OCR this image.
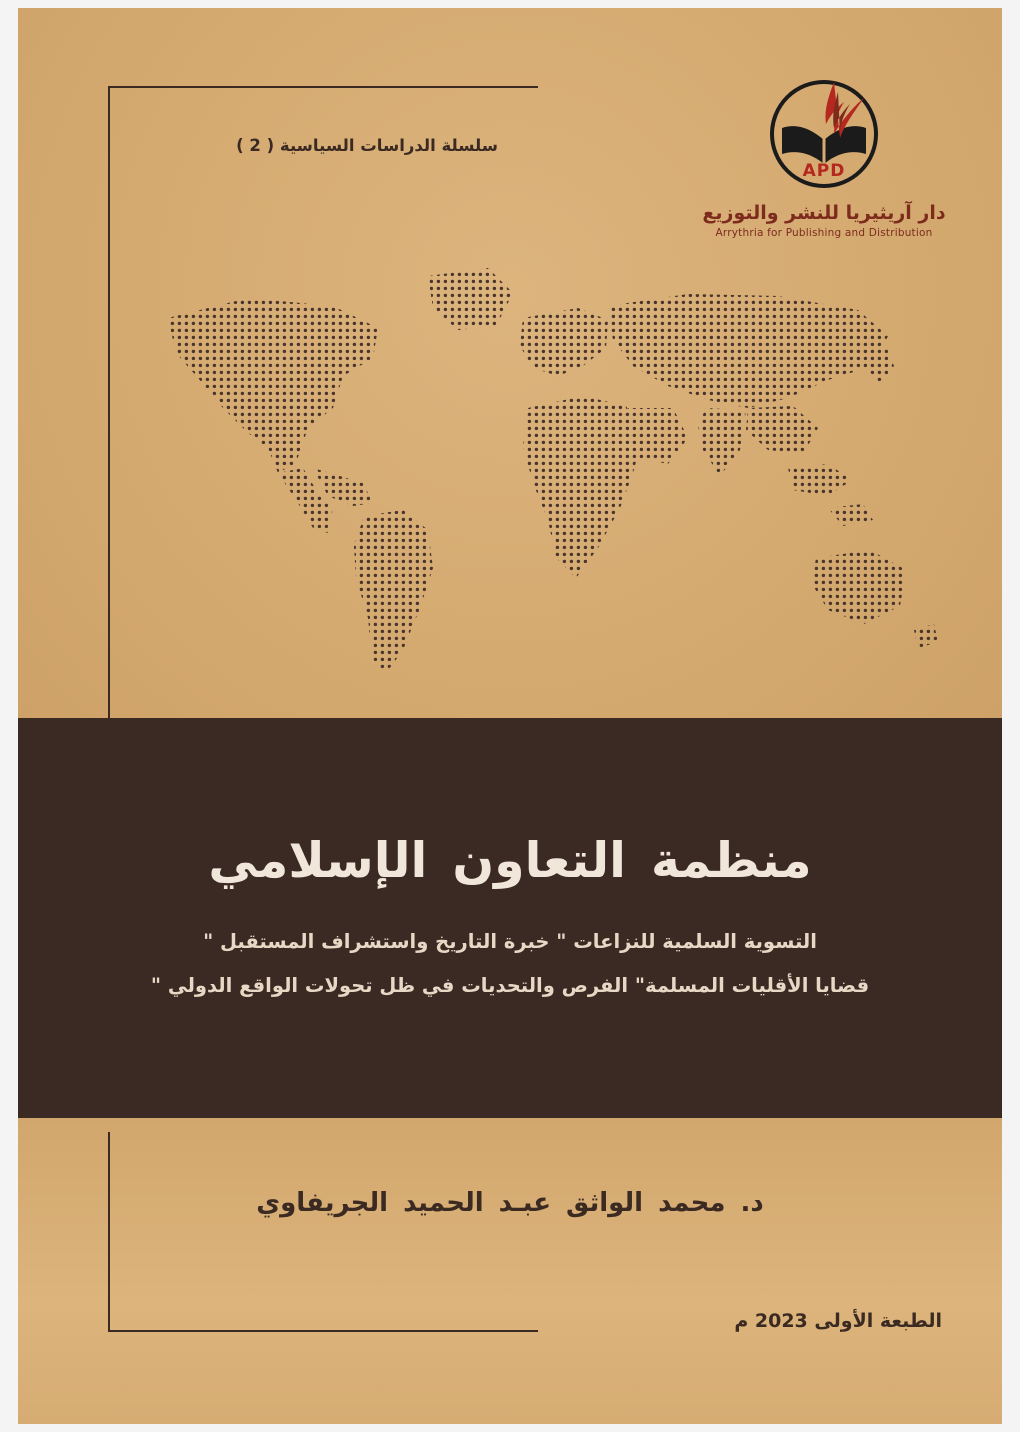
سلسلة الدراسات السياسية ( 2 )
APD
دار آريثيريا للنشر والتوزيع
Arrythria for Publishing and Distribution
منظمة التعاون الإسلامي
التسوية السلمية للنزاعات " خبرة التاريخ واستشراف المستقبل "
قضايا الأقليات المسلمة" الفرص والتحديات في ظل تحولات الواقع الدولي "
د. محمد الواثق عبـد الحميد الجريفاوي
الطبعة الأولى 2023 م
